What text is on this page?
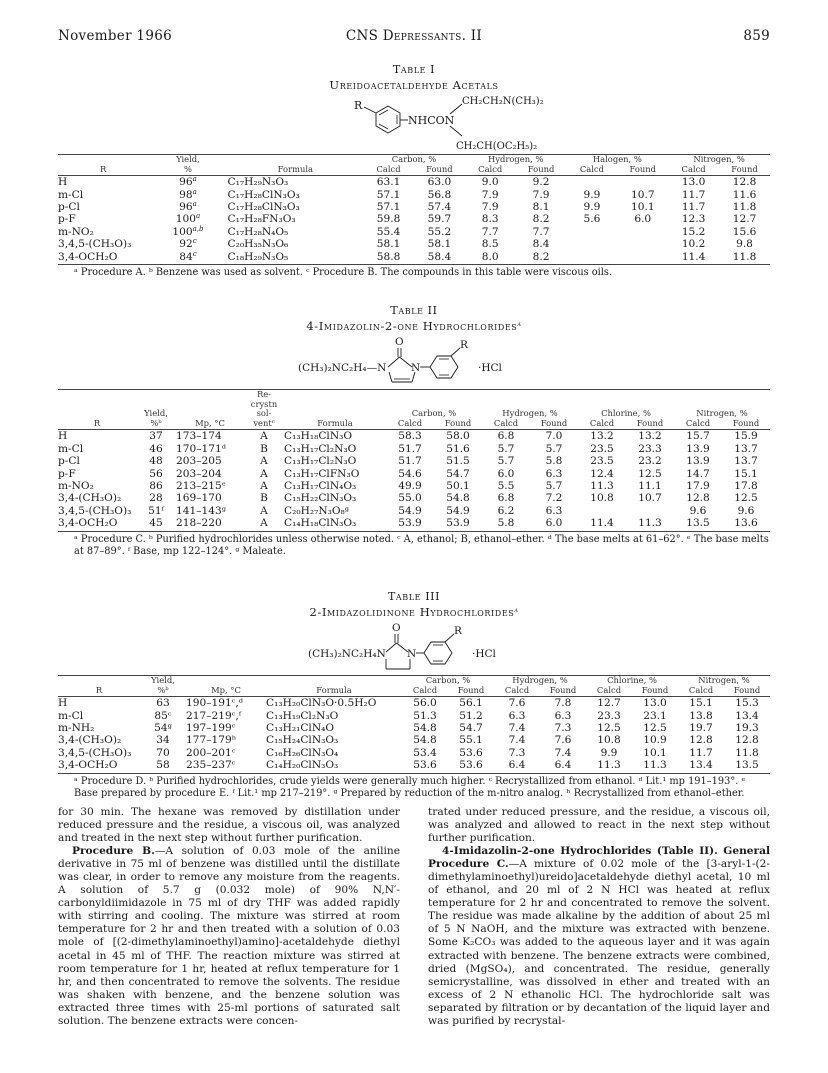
November 1966	CNS Depressants. II	859
Table I
Ureidoacetaldehyde Acetals
R
NHCON
CH₂CH₂N(CH₃)₂
CH₂CH(OC₂H₅)₂
	Yield,		Carbon, %		Hydrogen, %		Halogen, %		Nitrogen, %	
R	%	Formula	Calcd	Found	Calcd	Found	Calcd	Found	Calcd	Found
H	96$^a$	C₁₇H₂₉N₃O₃	63.1	63.0	9.0	9.2			13.0	12.8
m-Cl	98$^a$	C₁₇H₂₈ClN₃O₃	57.1	56.8	7.9	7.9	9.9	10.7	11.7	11.6
p-Cl	96$^a$	C₁₇H₂₈ClN₃O₃	57.1	57.4	7.9	8.1	9.9	10.1	11.7	11.8
p-F	100$^a$	C₁₇H₂₈FN₃O₃	59.8	59.7	8.3	8.2	5.6	6.0	12.3	12.7
m-NO₂	100$^{a,b}$	C₁₇H₂₈N₄O₅	55.4	55.2	7.7	7.7			15.2	15.6
3,4,5-(CH₃O)₃	92$^c$	C₂₀H₃₅N₃O₆	58.1	58.1	8.5	8.4			10.2	9.8
3,4-OCH₂O	84$^c$	C₁₈H₂₉N₃O₅	58.8	58.4	8.0	8.2			11.4	11.8
ᵃ Procedure A. ᵇ Benzene was used as solvent. ᶜ Procedure B. The compounds in this table were viscous oils.
Table II
4-Imidazolin-2-one Hydrochlorides$^a$
O
(CH₃)₂NC₂H₄—N N
R
·HCl
			Re-									
			crystn									
	Yield,		sol-		Carbon, %		Hydrogen, %		Chlorine, %		Nitrogen, %	
R	%ᵇ	Mp, °C	ventᶜ	Formula	Calcd	Found	Calcd	Found	Calcd	Found	Calcd	Found
H	37	173–174	A	C₁₃H₁₈ClN₃O	58.3	58.0	6.8	7.0	13.2	13.2	15.7	15.9
m-Cl	46	170–171ᵈ	B	C₁₃H₁₇Cl₂N₃O	51.7	51.6	5.7	5.7	23.5	23.3	13.9	13.7
p-Cl	48	203–205	A	C₁₃H₁₇Cl₂N₃O	51.7	51.5	5.7	5.8	23.5	23.2	13.9	13.7
p-F	56	203–204	A	C₁₃H₁₇ClFN₃O	54.6	54.7	6.0	6.3	12.4	12.5	14.7	15.1
m-NO₂	86	213–215ᵉ	A	C₁₃H₁₇ClN₄O₃	49.9	50.1	5.5	5.7	11.3	11.1	17.9	17.8
3,4-(CH₃O)₂	28	169–170	B	C₁₅H₂₂ClN₃O₃	55.0	54.8	6.8	7.2	10.8	10.7	12.8	12.5
3,4,5-(CH₃O)₃	51ᶠ	141–143ᵍ	A	C₂₀H₂₇N₃O₈ᵍ	54.9	54.9	6.2	6.3			9.6	9.6
3,4-OCH₂O	45	218–220	A	C₁₄H₁₈ClN₃O₃	53.9	53.9	5.8	6.0	11.4	11.3	13.5	13.6
ᵃ Procedure C. ᵇ Purified hydrochlorides unless otherwise noted. ᶜ A, ethanol; B, ethanol–ether. ᵈ The base melts at 61–62°. ᵉ The base melts at 87–89°. ᶠ Base, mp 122–124°. ᵍ Maleate.
Table III
2-Imidazolidinone Hydrochlorides$^a$
O
(CH₃)₂NC₂H₄N N
R
·HCl
	Yield,			Carbon, %		Hydrogen, %		Chlorine, %		Nitrogen, %	
R	%ᵇ	Mp, °C	Formula	Calcd	Found	Calcd	Found	Calcd	Found	Calcd	Found
H	63	190–191ᶜ,ᵈ	C₁₃H₂₀ClN₃O·0.5H₂O	56.0	56.1	7.6	7.8	12.7	13.0	15.1	15.3
m-Cl	85ᶜ	217–219ᶜ,ᶠ	C₁₃H₁₉Cl₂N₃O	51.3	51.2	6.3	6.3	23.3	23.1	13.8	13.4
m-NH₂	54ᵍ	197–199ᶜ	C₁₃H₂₁ClN₄O	54.8	54.7	7.4	7.3	12.5	12.5	19.7	19.3
3,4-(CH₃O)₂	34	177–179ʰ	C₁₅H₂₄ClN₃O₃	54.8	55.1	7.4	7.6	10.8	10.9	12.8	12.8
3,4,5-(CH₃O)₃	70	200–201ᶜ	C₁₆H₂₆ClN₃O₄	53.4	53.6	7.3	7.4	9.9	10.1	11.7	11.8
3,4-OCH₂O	58	235–237ᶜ	C₁₄H₂₀ClN₃O₃	53.6	53.6	6.4	6.4	11.3	11.3	13.4	13.5
ᵃ Procedure D. ᵇ Purified hydrochlorides, crude yields were generally much higher. ᶜ Recrystallized from ethanol. ᵈ Lit.¹ mp 191–193°. ᵉ Base prepared by procedure E. ᶠ Lit.¹ mp 217–219°. ᵍ Prepared by reduction of the m-nitro analog. ʰ Recrystallized from ethanol–ether.

for 30 min. The hexane was removed by distillation under reduced pressure and the residue, a viscous oil, was analyzed and treated in the next step without further purification.

Procedure B.—A solution of 0.03 mole of the aniline derivative in 75 ml of benzene was distilled until the distillate was clear, in order to remove any moisture from the reagents. A solution of 5.7 g (0.032 mole) of 90% N,N′-carbonyldiimidazole in 75 ml of dry THF was added rapidly with stirring and cooling. The mixture was stirred at room temperature for 2 hr and then treated with a solution of 0.03 mole of [(2-dimethylaminoethyl)amino]-acetaldehyde diethyl acetal in 45 ml of THF. The reaction mixture was stirred at room temperature for 1 hr, heated at reflux temperature for 1 hr, and then concentrated to remove the solvents. The residue was shaken with benzene, and the benzene solution was extracted three times with 25-ml portions of saturated salt solution. The benzene extracts were concen-

trated under reduced pressure, and the residue, a viscous oil, was analyzed and allowed to react in the next step without further purification.

4-Imidazolin-2-one Hydrochlorides (Table II). General Procedure C.—A mixture of 0.02 mole of the [3-aryl-1-(2-dimethylaminoethyl)ureido]acetaldehyde diethyl acetal, 10 ml of ethanol, and 20 ml of 2 N HCl was heated at reflux temperature for 2 hr and concentrated to remove the solvent. The residue was made alkaline by the addition of about 25 ml of 5 N NaOH, and the mixture was extracted with benzene. Some K₂CO₃ was added to the aqueous layer and it was again extracted with benzene. The benzene extracts were combined, dried (MgSO₄), and concentrated. The residue, generally semicrystalline, was dissolved in ether and treated with an excess of 2 N ethanolic HCl. The hydrochloride salt was separated by filtration or by decantation of the liquid layer and was purified by recrystal-
